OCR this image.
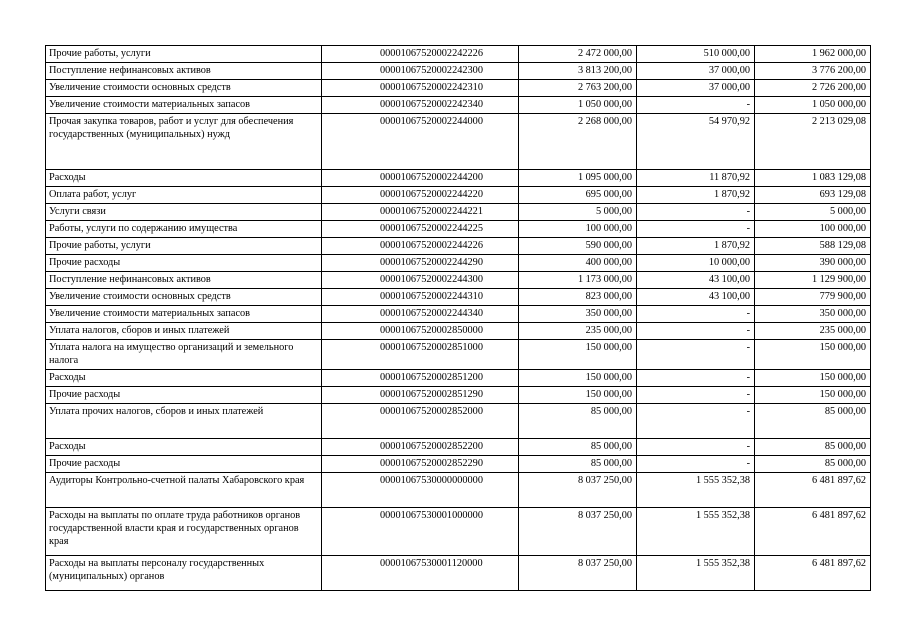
Прочие работы, услуги	00001067520002242226	2 472 000,00	510 000,00	1 962 000,00
Поступление нефинансовых активов	00001067520002242300	3 813 200,00	37 000,00	3 776 200,00
Увеличение стоимости основных средств	00001067520002242310	2 763 200,00	37 000,00	2 726 200,00
Увеличение стоимости материальных запасов	00001067520002242340	1 050 000,00	-	1 050 000,00
Прочая закупка товаров, работ и услуг для обеспечения государственных (муниципальных) нужд	00001067520002244000	2 268 000,00	54 970,92	2 213 029,08
Расходы	00001067520002244200	1 095 000,00	11 870,92	1 083 129,08
Оплата работ, услуг	00001067520002244220	695 000,00	1 870,92	693 129,08
Услуги связи	00001067520002244221	5 000,00	-	5 000,00
Работы, услуги по содержанию имущества	00001067520002244225	100 000,00	-	100 000,00
Прочие работы, услуги	00001067520002244226	590 000,00	1 870,92	588 129,08
Прочие расходы	00001067520002244290	400 000,00	10 000,00	390 000,00
Поступление нефинансовых активов	00001067520002244300	1 173 000,00	43 100,00	1 129 900,00
Увеличение стоимости основных средств	00001067520002244310	823 000,00	43 100,00	779 900,00
Увеличение стоимости материальных запасов	00001067520002244340	350 000,00	-	350 000,00
Уплата налогов, сборов и иных платежей	00001067520002850000	235 000,00	-	235 000,00
Уплата налога на имущество организаций и земельного налога	00001067520002851000	150 000,00	-	150 000,00
Расходы	00001067520002851200	150 000,00	-	150 000,00
Прочие расходы	00001067520002851290	150 000,00	-	150 000,00
Уплата прочих налогов, сборов и иных платежей	00001067520002852000	85 000,00	-	85 000,00
Расходы	00001067520002852200	85 000,00	-	85 000,00
Прочие расходы	00001067520002852290	85 000,00	-	85 000,00
Аудиторы Контрольно-счетной палаты Хабаровского края	00001067530000000000	8 037 250,00	1 555 352,38	6 481 897,62
Расходы на выплаты по оплате труда работников органов государственной власти края и государственных органов края	00001067530001000000	8 037 250,00	1 555 352,38	6 481 897,62
Расходы на выплаты персоналу государственных (муниципальных) органов	00001067530001120000	8 037 250,00	1 555 352,38	6 481 897,62
